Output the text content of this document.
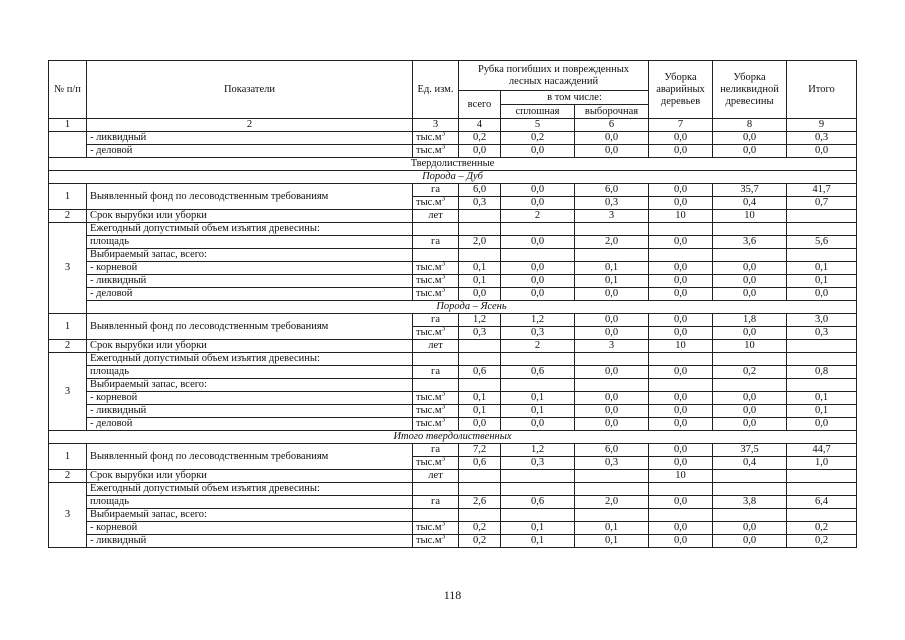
№ п/п	Показатели	Ед. изм.	Рубка погибших и поврежденных лесных насаждений			Уборка аварийных деревьев	Уборка неликвидной древесины	Итого
			всего	в том числе:				
				сплошная	выборочная			
1	2	3	4	5	6	7	8	9
	- ликвидный	$тыс.м^3$	0,2	0,2	0,0	0,0	0,0	0,3
	- деловой	$тыс.м^3$	0,0	0,0	0,0	0,0	0,0	0,0
Твердолиственные								
Порода – Дуб								
1	Выявленный фонд по лесоводственным требованиям	га	6,0	0,0	6,0	0,0	35,7	41,7
		$тыс.м^3$	0,3	0,0	0,3	0,0	0,4	0,7
2	Срок вырубки или уборки	лет		2	3	10	10	
3	Ежегодный допустимый объем изъятия древесины:							
	площадь	га	2,0	0,0	2,0	0,0	3,6	5,6
	Выбираемый запас, всего:							
	- корневой	$тыс.м^3$	0,1	0,0	0,1	0,0	0,0	0,1
	- ликвидный	$тыс.м^3$	0,1	0,0	0,1	0,0	0,0	0,1
	- деловой	$тыс.м^3$	0,0	0,0	0,0	0,0	0,0	0,0
	Порода – Ясень							
1	Выявленный фонд по лесоводственным требованиям	га	1,2	1,2	0,0	0,0	1,8	3,0
		$тыс.м^3$	0,3	0,3	0,0	0,0	0,0	0,3
2	Срок вырубки или уборки	лет		2	3	10	10	
3	Ежегодный допустимый объем изъятия древесины:							
	площадь	га	0,6	0,6	0,0	0,0	0,2	0,8
	Выбираемый запас, всего:							
	- корневой	$тыс.м^3$	0,1	0,1	0,0	0,0	0,0	0,1
	- ликвидный	$тыс.м^3$	0,1	0,1	0,0	0,0	0,0	0,1
	- деловой	$тыс.м^3$	0,0	0,0	0,0	0,0	0,0	0,0
Итого твердолиственных								
1	Выявленный фонд по лесоводственным требованиям	га	7,2	1,2	6,0	0,0	37,5	44,7
		$тыс.м^3$	0,6	0,3	0,3	0,0	0,4	1,0
2	Срок вырубки или уборки	лет				10		
3	Ежегодный допустимый объем изъятия древесины:							
	площадь	га	2,6	0,6	2,0	0,0	3,8	6,4
	Выбираемый запас, всего:							
	- корневой	$тыс.м^3$	0,2	0,1	0,1	0,0	0,0	0,2
	- ликвидный	$тыс.м^3$	0,2	0,1	0,1	0,0	0,0	0,2
118
